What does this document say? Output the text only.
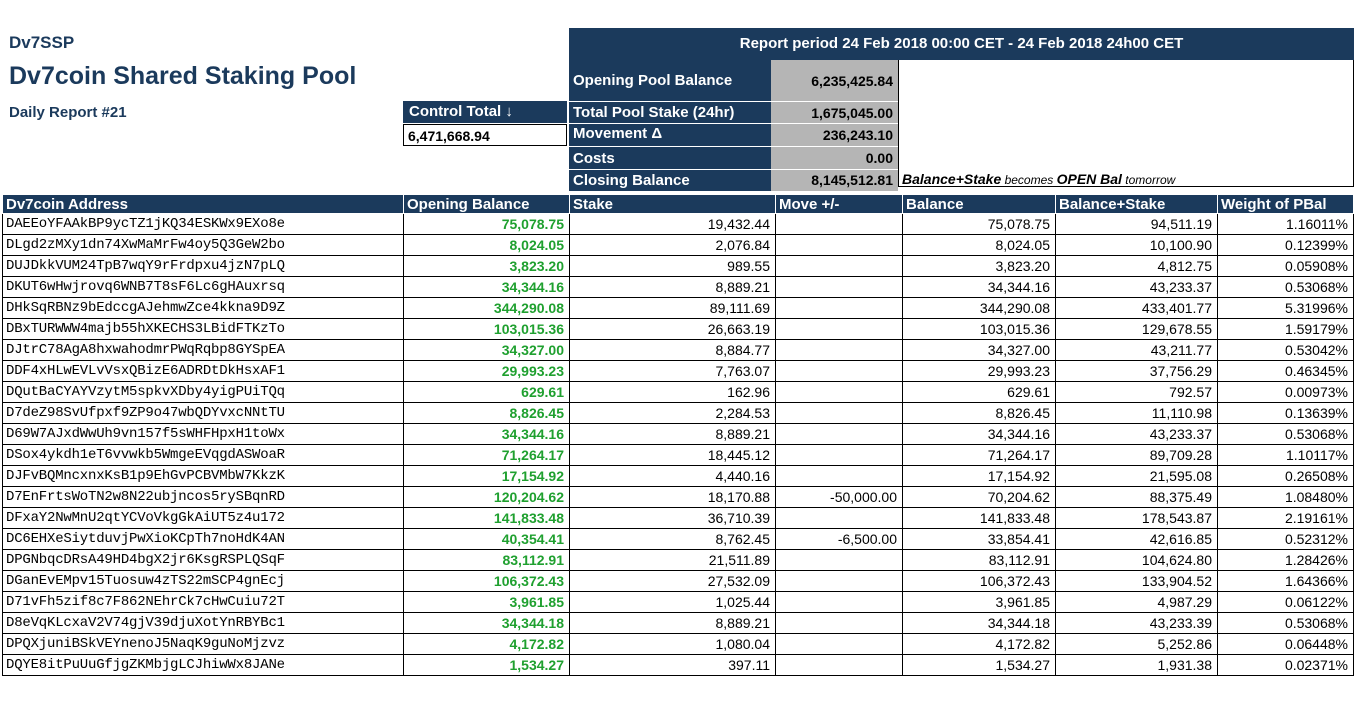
Dv7SSP
Dv7coin Shared Staking Pool
Daily Report #21	Control Total ↓
6,471,668.94
Report period 24 Feb 2018 00:00 CET - 24 Feb 2018 24h00 CET
Opening Pool Balance	6,235,425.84
Total Pool Stake (24hr)	1,675,045.00
Movement Δ	236,243.10
Costs	0.00
Closing Balance	8,145,512.81 Balance+Stake becomes OPEN Bal tomorrow
Dv7coin Address	Opening Balance	Stake	Move +/-	Balance	Balance+Stake	Weight of PBal
DAEEoYFAAkBP9ycTZ1jKQ34ESKWx9EXo8e	75,078.75	19,432.44		75,078.75	94,511.19	1.16011%
DLgd2zMXy1dn74XwMaMrFw4oy5Q3GeW2bo	8,024.05	2,076.84		8,024.05	10,100.90	0.12399%
DUJDkkVUM24TpB7wqY9rFrdpxu4jzN7pLQ	3,823.20	989.55		3,823.20	4,812.75	0.05908%
DKUT6wHwjrovq6WNB7T8sF6Lc6gHAuxrsq	34,344.16	8,889.21		34,344.16	43,233.37	0.53068%
DHkSqRBNz9bEdccgAJehmwZce4kkna9D9Z	344,290.08	89,111.69		344,290.08	433,401.77	5.31996%
DBxTURWWW4majb55hXKECHS3LBidFTKzTo	103,015.36	26,663.19		103,015.36	129,678.55	1.59179%
DJtrC78AgA8hxwahodmrPWqRqbp8GYSpEA	34,327.00	8,884.77		34,327.00	43,211.77	0.53042%
DDF4xHLwEVLvVsxQBizE6ADRDtDkHsxAF1	29,993.23	7,763.07		29,993.23	37,756.29	0.46345%
DQutBaCYAYVzytM5spkvXDby4yigPUiTQq	629.61	162.96		629.61	792.57	0.00973%
D7deZ98SvUfpxf9ZP9o47wbQDYvxcNNtTU	8,826.45	2,284.53		8,826.45	11,110.98	0.13639%
D69W7AJxdWwUh9vn157f5sWHFHpxH1toWx	34,344.16	8,889.21		34,344.16	43,233.37	0.53068%
DSox4ykdh1eT6vvwkb5WmgeEVqgdASWoaR	71,264.17	18,445.12		71,264.17	89,709.28	1.10117%
DJFvBQMncxnxKsB1p9EhGvPCBVMbW7KkzK	17,154.92	4,440.16		17,154.92	21,595.08	0.26508%
D7EnFrtsWoTN2w8N22ubjncos5rySBqnRD	120,204.62	18,170.88	-50,000.00	70,204.62	88,375.49	1.08480%
DFxaY2NwMnU2qtYCVoVkgGkAiUT5z4u172	141,833.48	36,710.39		141,833.48	178,543.87	2.19161%
DC6EHXeSiytduvjPwXioKCpTh7noHdK4AN	40,354.41	8,762.45	-6,500.00	33,854.41	42,616.85	0.52312%
DPGNbqcDRsA49HD4bgX2jr6KsgRSPLQSqF	83,112.91	21,511.89		83,112.91	104,624.80	1.28426%
DGanEvEMpv15Tuosuw4zTS22mSCP4gnEcj	106,372.43	27,532.09		106,372.43	133,904.52	1.64366%
D71vFh5zif8c7F862NEhrCk7cHwCuiu72T	3,961.85	1,025.44		3,961.85	4,987.29	0.06122%
D8eVqKLcxaV2V74gjV39djuXotYnRBYBc1	34,344.18	8,889.21		34,344.18	43,233.39	0.53068%
DPQXjuniBSkVEYnenoJ5NaqK9guNoMjzvz	4,172.82	1,080.04		4,172.82	5,252.86	0.06448%
DQYE8itPuUuGfjgZKMbjgLCJhiwWx8JANe	1,534.27	397.11		1,534.27	1,931.38	0.02371%
